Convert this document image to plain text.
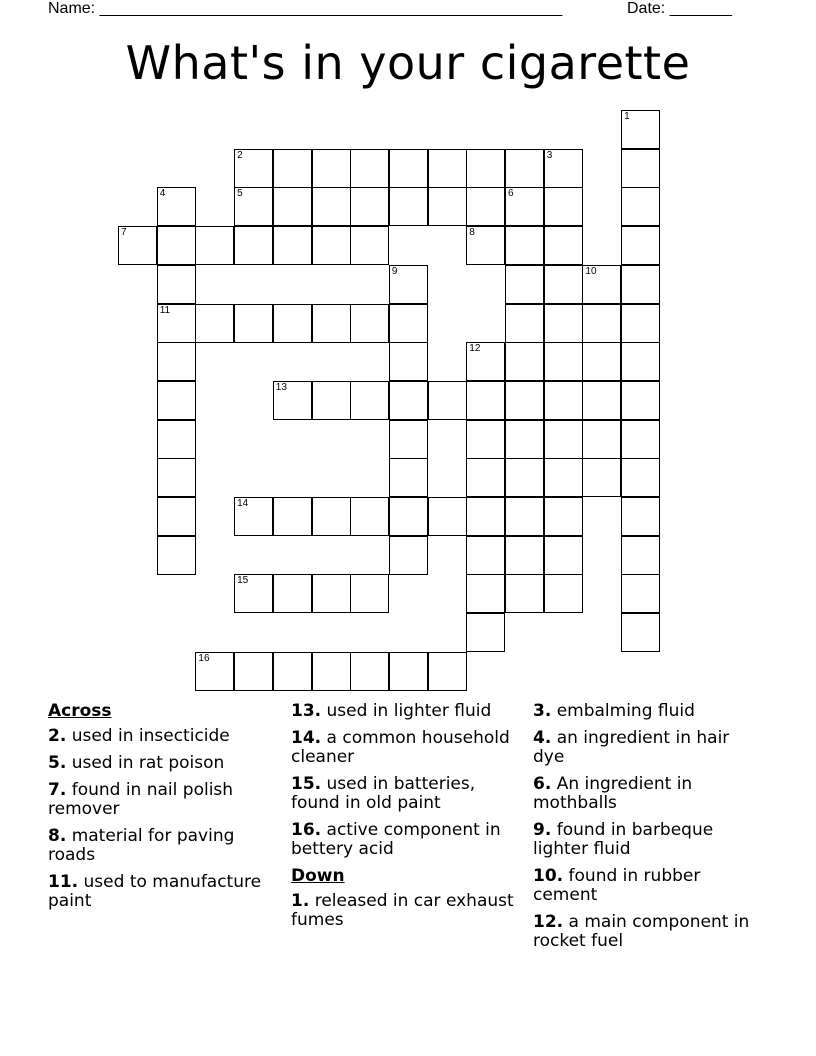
Name: ____________________________________________________	Date: _______
What's in your cigarette
1
2	3
4	5	6
7	8
9	10
11
12
13
14
15
16
Across
2. used in insecticide
5. used in rat poison
7. found in nail polish remover
8. material for paving roads
11. used to manufacture paint
13. used in lighter fluid
14. a common household cleaner
15. used in batteries, found in old paint
16. active component in bettery acid
Down
1. released in car exhaust fumes
3. embalming fluid
4. an ingredient in hair dye
6. An ingredient in mothballs
9. found in barbeque lighter fluid
10. found in rubber cement
12. a main component in rocket fuel
